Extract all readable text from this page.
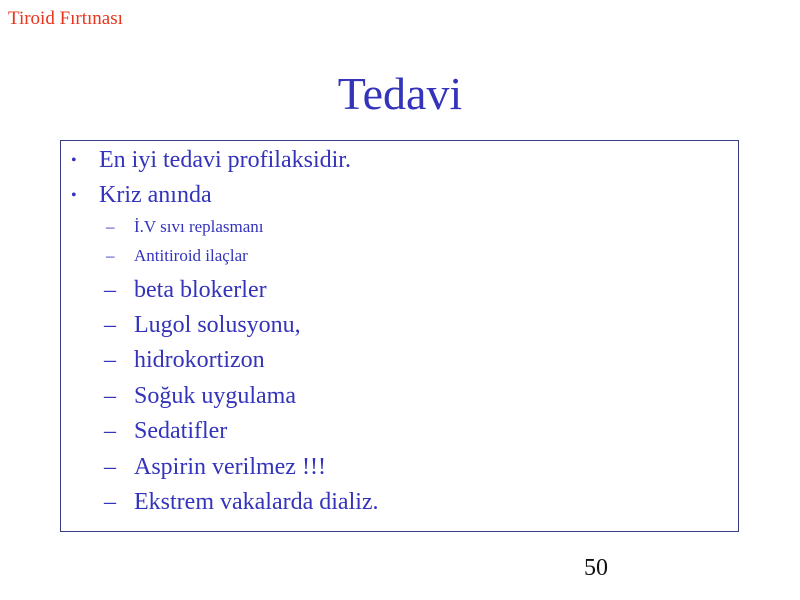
Tiroid Fırtınası
Tedavi
• En iyi tedavi profilaksidir.
• Kriz anında
– İ.V sıvı replasmanı
– Antitiroid ilaçlar
– beta blokerler
– Lugol solusyonu,
– hidrokortizon
– Soğuk uygulama
– Sedatifler
– Aspirin verilmez !!!
– Ekstrem vakalarda dializ.
50
